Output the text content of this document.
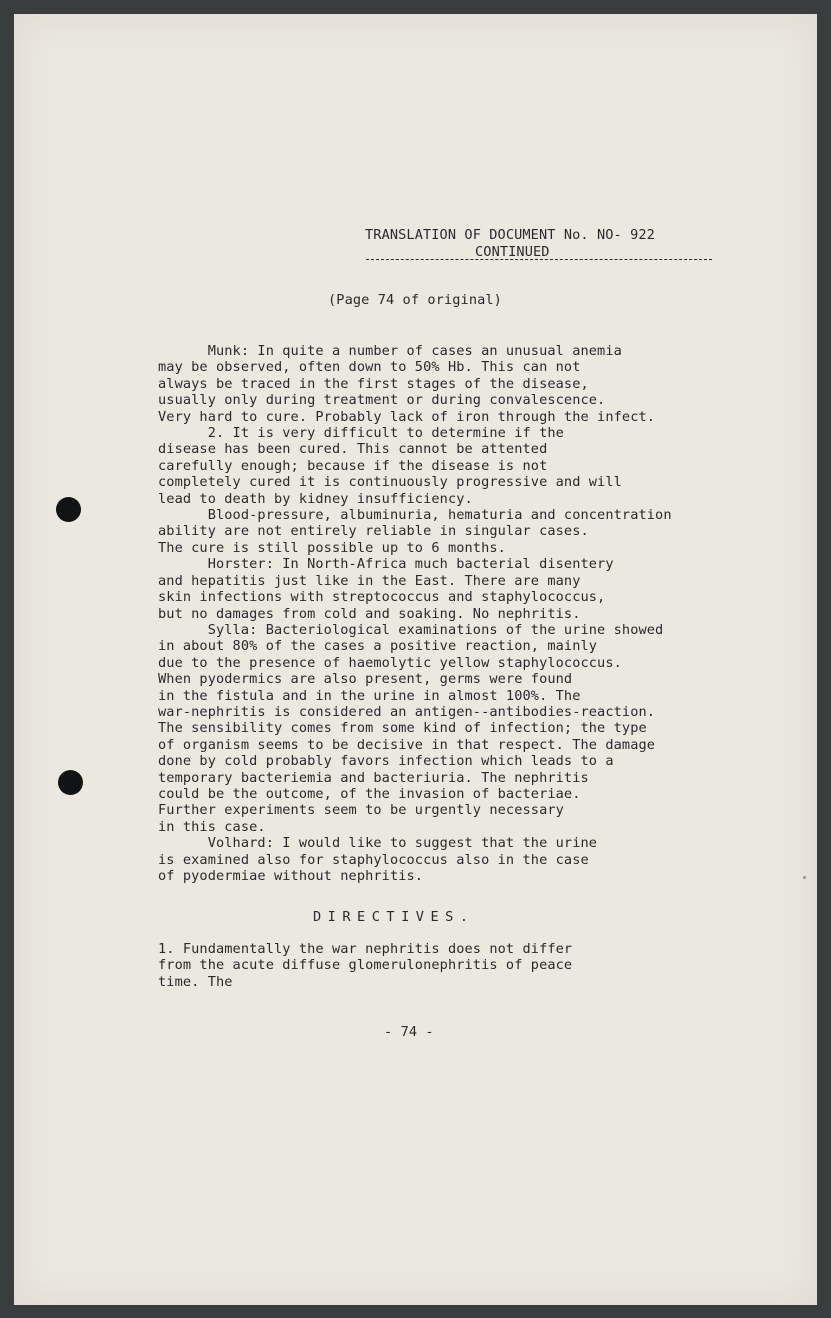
TRANSLATION OF DOCUMENT No. NO- 922
CONTINUED
(Page 74 of original)
Munk: In quite a number of cases an unusual anemia
may be observed, often down to 50% Hb. This can not
always be traced in the first stages of the disease,
usually only during treatment or during convalescence.
Very hard to cure. Probably lack of iron through the infect.
2. It is very difficult to determine if the
disease has been cured. This cannot be attented
carefully enough; because if the disease is not
completely cured it is continuously progressive and will
lead to death by kidney insufficiency.
Blood-pressure, albuminuria, hematuria and concentration
ability are not entirely reliable in singular cases.
The cure is still possible up to 6 months.
Horster: In North-Africa much bacterial disentery
and hepatitis just like in the East. There are many
skin infections with streptococcus and staphylococcus,
but no damages from cold and soaking. No nephritis.
Sylla: Bacteriological examinations of the urine showed
in about 80% of the cases a positive reaction, mainly
due to the presence of haemolytic yellow staphylococcus.
When pyodermics are also present, germs were found
in the fistula and in the urine in almost 100%. The
war-nephritis is considered an antigen--antibodies-reaction.
The sensibility comes from some kind of infection; the type
of organism seems to be decisive in that respect. The damage
done by cold probably favors infection which leads to a
temporary bacteriemia and bacteriuria. The nephritis
could be the outcome, of the invasion of bacteriae.
Further experiments seem to be urgently necessary
in this case.
Volhard: I would like to suggest that the urine
is examined also for staphylococcus also in the case
of pyodermiae without nephritis.
DIRECTIVES.
1. Fundamentally the war nephritis does not differ
from the acute diffuse glomerulonephritis of peace
time. The
- 74 -
